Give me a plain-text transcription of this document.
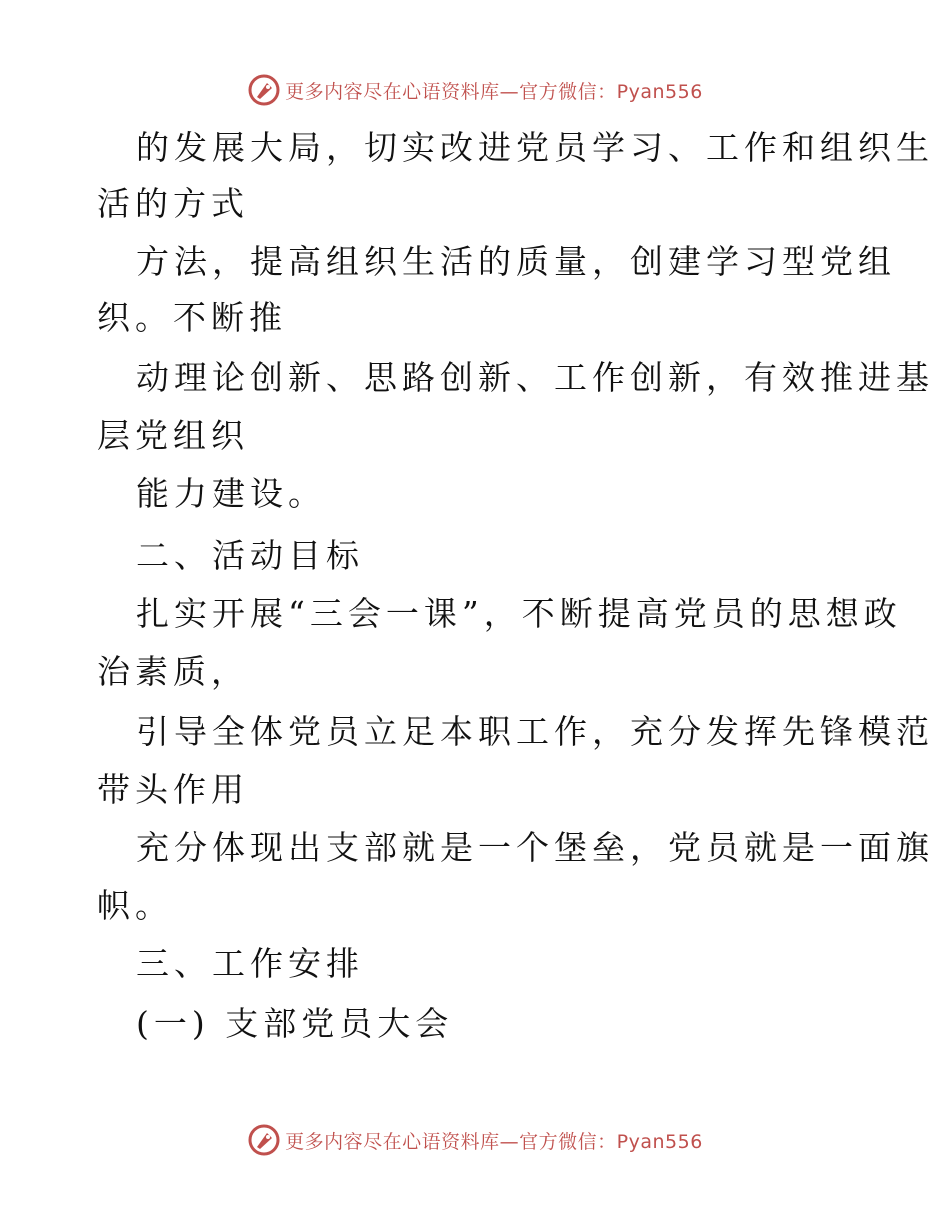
更多内容尽在心语资料库—官方微信：Pyan556
的发展大局，切实改进党员学习、工作和组织生
活的方式
方法，提高组织生活的质量，创建学习型党组
织。不断推
动理论创新、思路创新、工作创新，有效推进基
层党组织
能力建设。
二、活动目标
扎实开展“三会一课”，不断提高党员的思想政
治素质，
引导全体党员立足本职工作，充分发挥先锋模范
带头作用
充分体现出支部就是一个堡垒，党员就是一面旗
帜。
三、工作安排
(一) 支部党员大会
更多内容尽在心语资料库—官方微信：Pyan556
